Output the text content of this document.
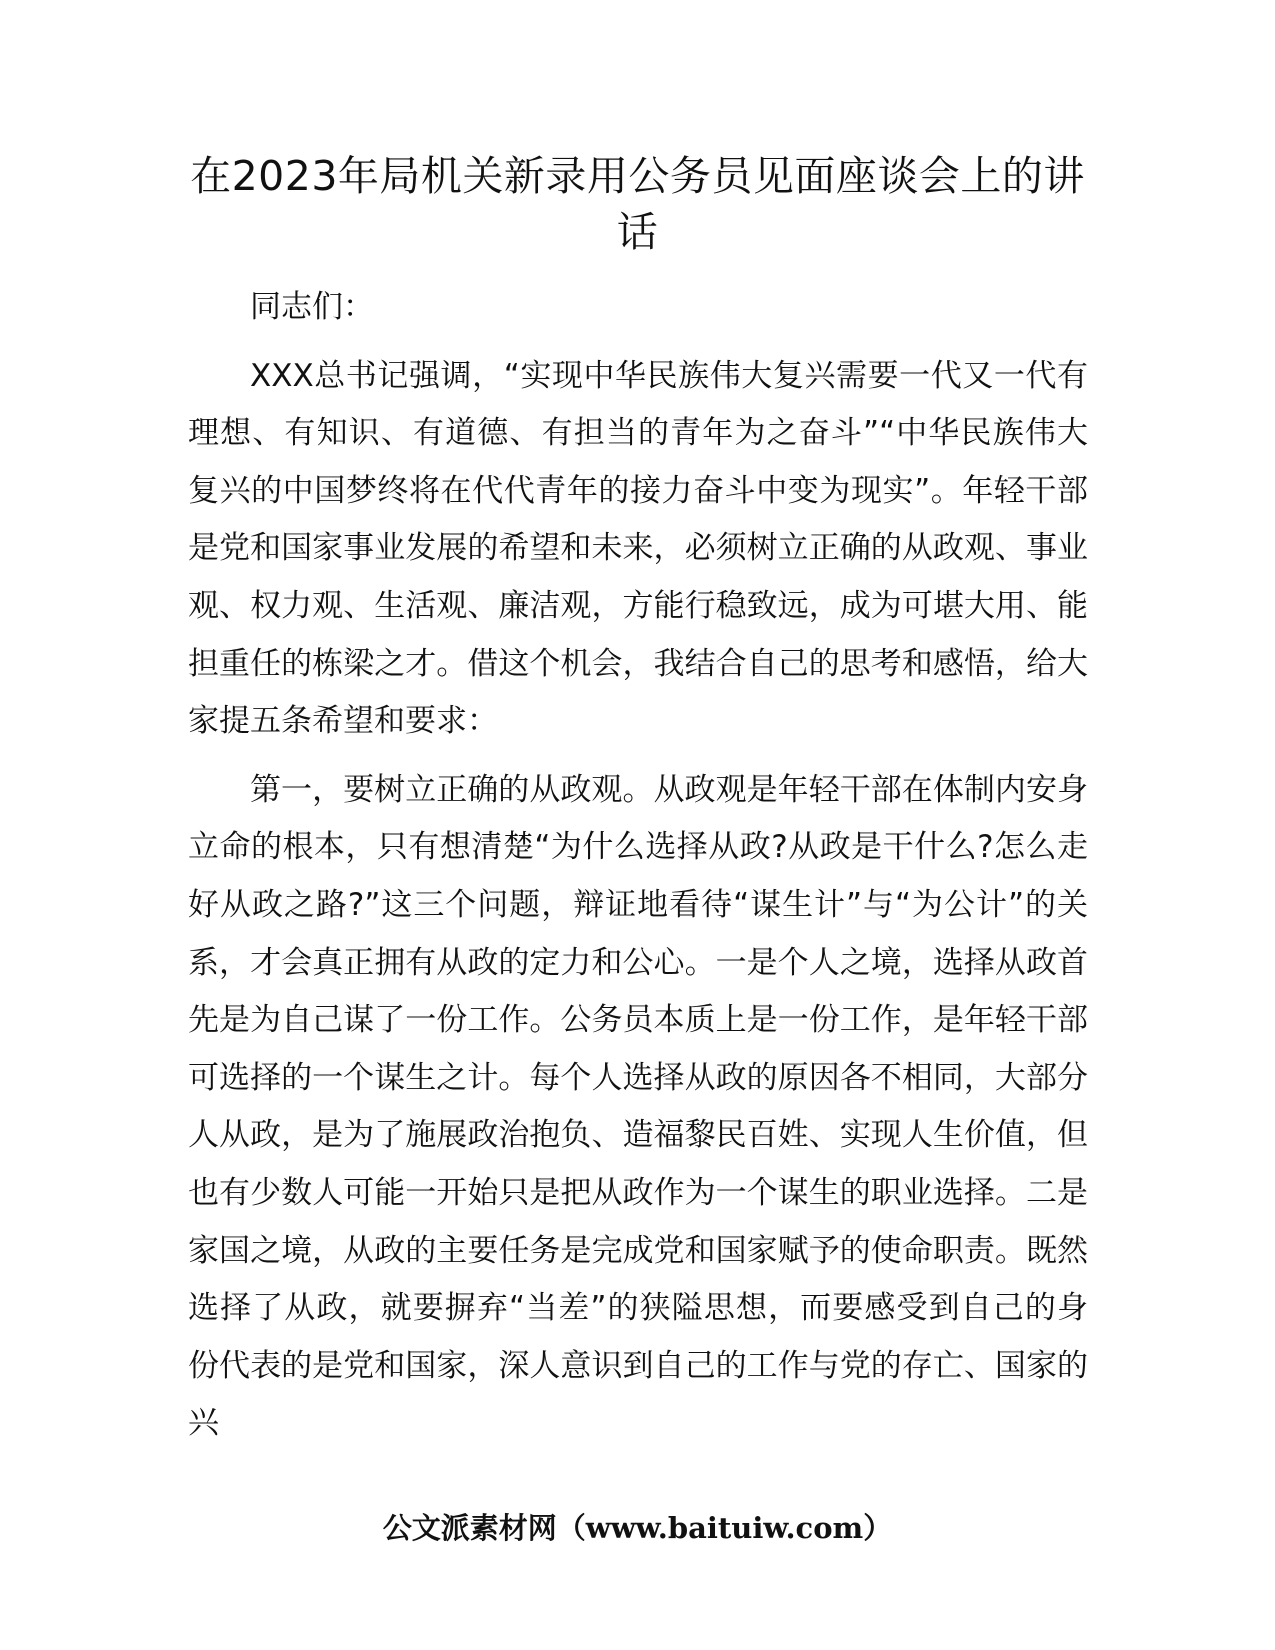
在2023年局机关新录用公务员见面座谈会上的讲话

同志们：

XXX总书记强调，“实现中华民族伟大复兴需要一代又一代有理想、有知识、有道德、有担当的青年为之奋斗”“中华民族伟大复兴的中国梦终将在代代青年的接力奋斗中变为现实”。年轻干部是党和国家事业发展的希望和未来，必须树立正确的从政观、事业观、权力观、生活观、廉洁观，方能行稳致远，成为可堪大用、能担重任的栋梁之才。借这个机会，我结合自己的思考和感悟，给大家提五条希望和要求：

第一，要树立正确的从政观。从政观是年轻干部在体制内安身立命的根本，只有想清楚“为什么选择从政?从政是干什么?怎么走好从政之路?”这三个问题，辩证地看待“谋生计”与“为公计”的关系，才会真正拥有从政的定力和公心。一是个人之境，选择从政首先是为自己谋了一份工作。公务员本质上是一份工作，是年轻干部可选择的一个谋生之计。每个人选择从政的原因各不相同，大部分人从政，是为了施展政治抱负、造福黎民百姓、实现人生价值，但也有少数人可能一开始只是把从政作为一个谋生的职业选择。二是家国之境，从政的主要任务是完成党和国家赋予的使命职责。既然选择了从政，就要摒弃“当差”的狭隘思想，而要感受到自己的身份代表的是党和国家，深人意识到自己的工作与党的存亡、国家的兴

公文派素材网（www.baituiw.com）
